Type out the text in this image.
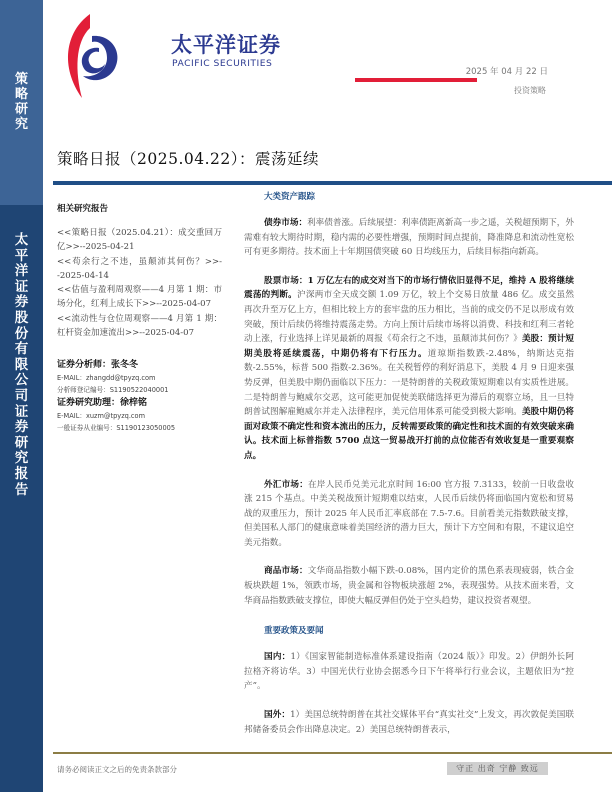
策
略
研
究
太
平
洋
证
券
股
份
有
限
公
司
证
券
研
究
报
告
太平洋证券
PACIFIC SECURITIES
2025 年 04 月 22 日
投资策略
策略日报（2025.04.22）：震荡延续
相关研究报告
<<策略日报（2025.04.21）：成交重回万亿>>--2025-04-21
<<苟余行之不违，虽颠沛其何伤？>>--2025-04-14
<<估值与盈利周观察——4 月第 1 期：市场分化，红利上成长下>>--2025-04-07
<<流动性与仓位周观察——4 月第 1 期：杠杆资金加速流出>>--2025-04-07
证券分析师：张冬冬
E-MAIL：zhangdd@tpyzq.com
分析师登记编号：S1190522040001
证券研究助理：徐梓铭
E-MAIL：xuzm@tpyzq.com
一般证券从业编号：S1190123050005
大类资产跟踪

债券市场：利率债普涨。后续展望：利率债距离新高一步之遥，关税超预期下，外需难有较大期待时期，稳内需的必要性增强，预期时间点提前，降准降息和流动性宽松可有更多期待。技术面上十年期国债突破 60 日均线压力，后续目标指向新高。

股票市场：1 万亿左右的成交对当下的市场行情依旧显得不足，维持 A 股将继续震荡的判断。沪深两市全天成交额 1.09 万亿，较上个交易日放量 486 亿。成交虽然再次升至万亿上方，但相比较上方的套牢盘的压力相比，当前的成交仍不足以形成有效突破，预计后续仍将维持震荡走势。方向上预计后续市场将以消费、科技和红利三者轮动上涨，行业选择上详见最新的周报《苟余行之不违，虽颠沛其何伤？》美股：预计短期美股将延续震荡，中期仍将有下行压力。道琼斯指数跌-2.48%，纳斯达克指数-2.55%，标普 500 指数-2.36%。在关税暂停的利好消息下，美股 4 月 9 日迎来强势反弹，但美股中期仍面临以下压力：一是特朗普的关税政策短期难以有实质性进展。二是特朗普与鲍威尔交恶，这可能更加促使美联储选择更为滞后的观察立场，且一旦特朗普试图解雇鲍威尔并走入法律程序，美元信用体系可能受到极大影响。美股中期仍将面对政策不确定性和资本流出的压力，反转需要政策的确定性和技术面的有效突破来确认。技术面上标普指数 5700 点这一贸易战开打前的点位能否有效收复是一重要观察点。

外汇市场：在岸人民币兑美元北京时间 16:00 官方报 7.3133，较前一日收盘收涨 215 个基点。中美关税战预计短期难以结束，人民币后续仍将面临国内宽松和贸易战的双重压力，预计 2025 年人民币汇率底部在 7.5-7.6。目前看美元指数跌破支撑，但美国私人部门的健康意味着美国经济的潜力巨大，预计下方空间和有限，不建议追空美元指数。

商品市场：文华商品指数小幅下跌-0.08%，国内定价的黑色系表现疲弱，铁合金板块跌超 1%，领跌市场，贵金属和谷物板块涨超 2%，表现强势。从技术面来看，文华商品指数跌破支撑位，即使大幅反弹但仍处于空头趋势，建议投资者观望。

重要政策及要闻

国内：1）《国家智能制造标准体系建设指南（2024 版）》印发。2）伊朗外长阿拉格齐将访华。3）中国光伏行业协会据悉今日下午将举行行业会议，主题依旧为“控产”。

国外：1）美国总统特朗普在其社交媒体平台“真实社交”上发文，再次敦促美国联邦储备委员会作出降息决定。2）美国总统特朗普表示，

请务必阅读正文之后的免责条款部分	守正 出奇 宁静 致远
